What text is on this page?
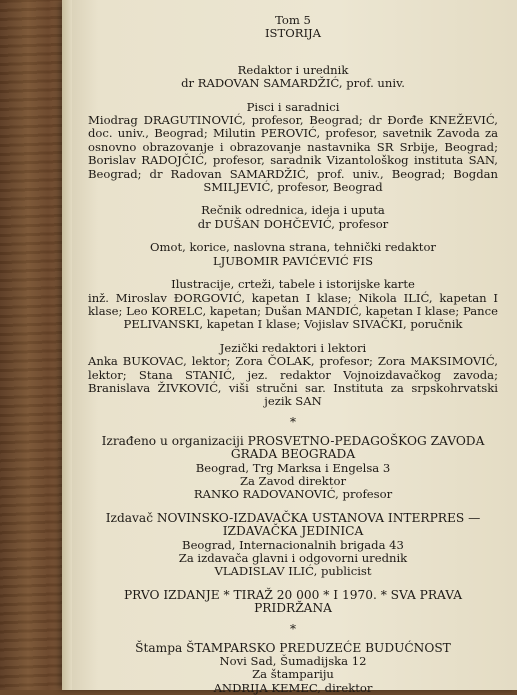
Tom 5

ISTORIJA

Redaktor i urednik

dr RADOVAN SAMARDŽIĆ, prof. univ.

Pisci i saradnici

Miodrag DRAGUTINOVIĆ, profesor, Beograd; dr Đorđe KNEŽEVIĆ, doc. univ., Beograd; Milutin PEROVIĆ, profesor, savetnik Zavoda za osnovno obrazovanje i obrazovanje nastavnika SR Srbije, Beograd; Borislav RADOJČIĆ, profesor, saradnik Vizantološkog instituta SAN, Beograd; dr Radovan SAMARDŽIĆ, prof. univ., Beograd; Bogdan SMILJEVIĆ, profesor, Beograd

Rečnik odrednica, ideja i uputa

dr DUŠAN DOHČEVIĆ, profesor

Omot, korice, naslovna strana, tehnički redaktor

LJUBOMIR PAVIĆEVIĆ FIS

Ilustracije, crteži, tabele i istorijske karte

inž. Miroslav ĐORGOVIĆ, kapetan I klase; Nikola ILIĆ, kapetan I klase; Leo KORELC, kapetan; Dušan MANDIĆ, kapetan I klase; Pance PELIVANSKI, kapetan I klase; Vojislav SIVAČKI, poručnik

Jezički redaktori i lektori

Anka BUKOVAC, lektor; Zora ČOLAK, profesor; Zora MAKSIMOVIĆ, lektor; Stana STANIĆ, jez. redaktor Vojnoizdavačkog zavoda; Branislava ŽIVKOVIĆ, viši stručni sar. Instituta za srpskohrvatski jezik SAN

*

Izrađeno u organizaciji PROSVETNO-PEDAGOŠKOG ZAVODA

GRADA BEOGRADA

Beograd, Trg Marksa i Engelsa 3

Za Zavod direktor

RANKO RADOVANOVIĆ, profesor

Izdavač NOVINSKO-IZDAVAČKA USTANOVA INTERPRES —

IZDAVAČKA JEDINICA

Beograd, Internacionalnih brigada 43

Za izdavača glavni i odgovorni urednik

VLADISLAV ILIĆ, publicist

PRVO IZDANJE * TIRAŽ 20 000 * I 1970. * SVA PRAVA

PRIDRŽANA

*

Štampa ŠTAMPARSKO PREDUZEĆE BUDUĆNOST

Novi Sad, Šumadijska 12

Za štampariju

ANDRIJA KEMEC, direktor
